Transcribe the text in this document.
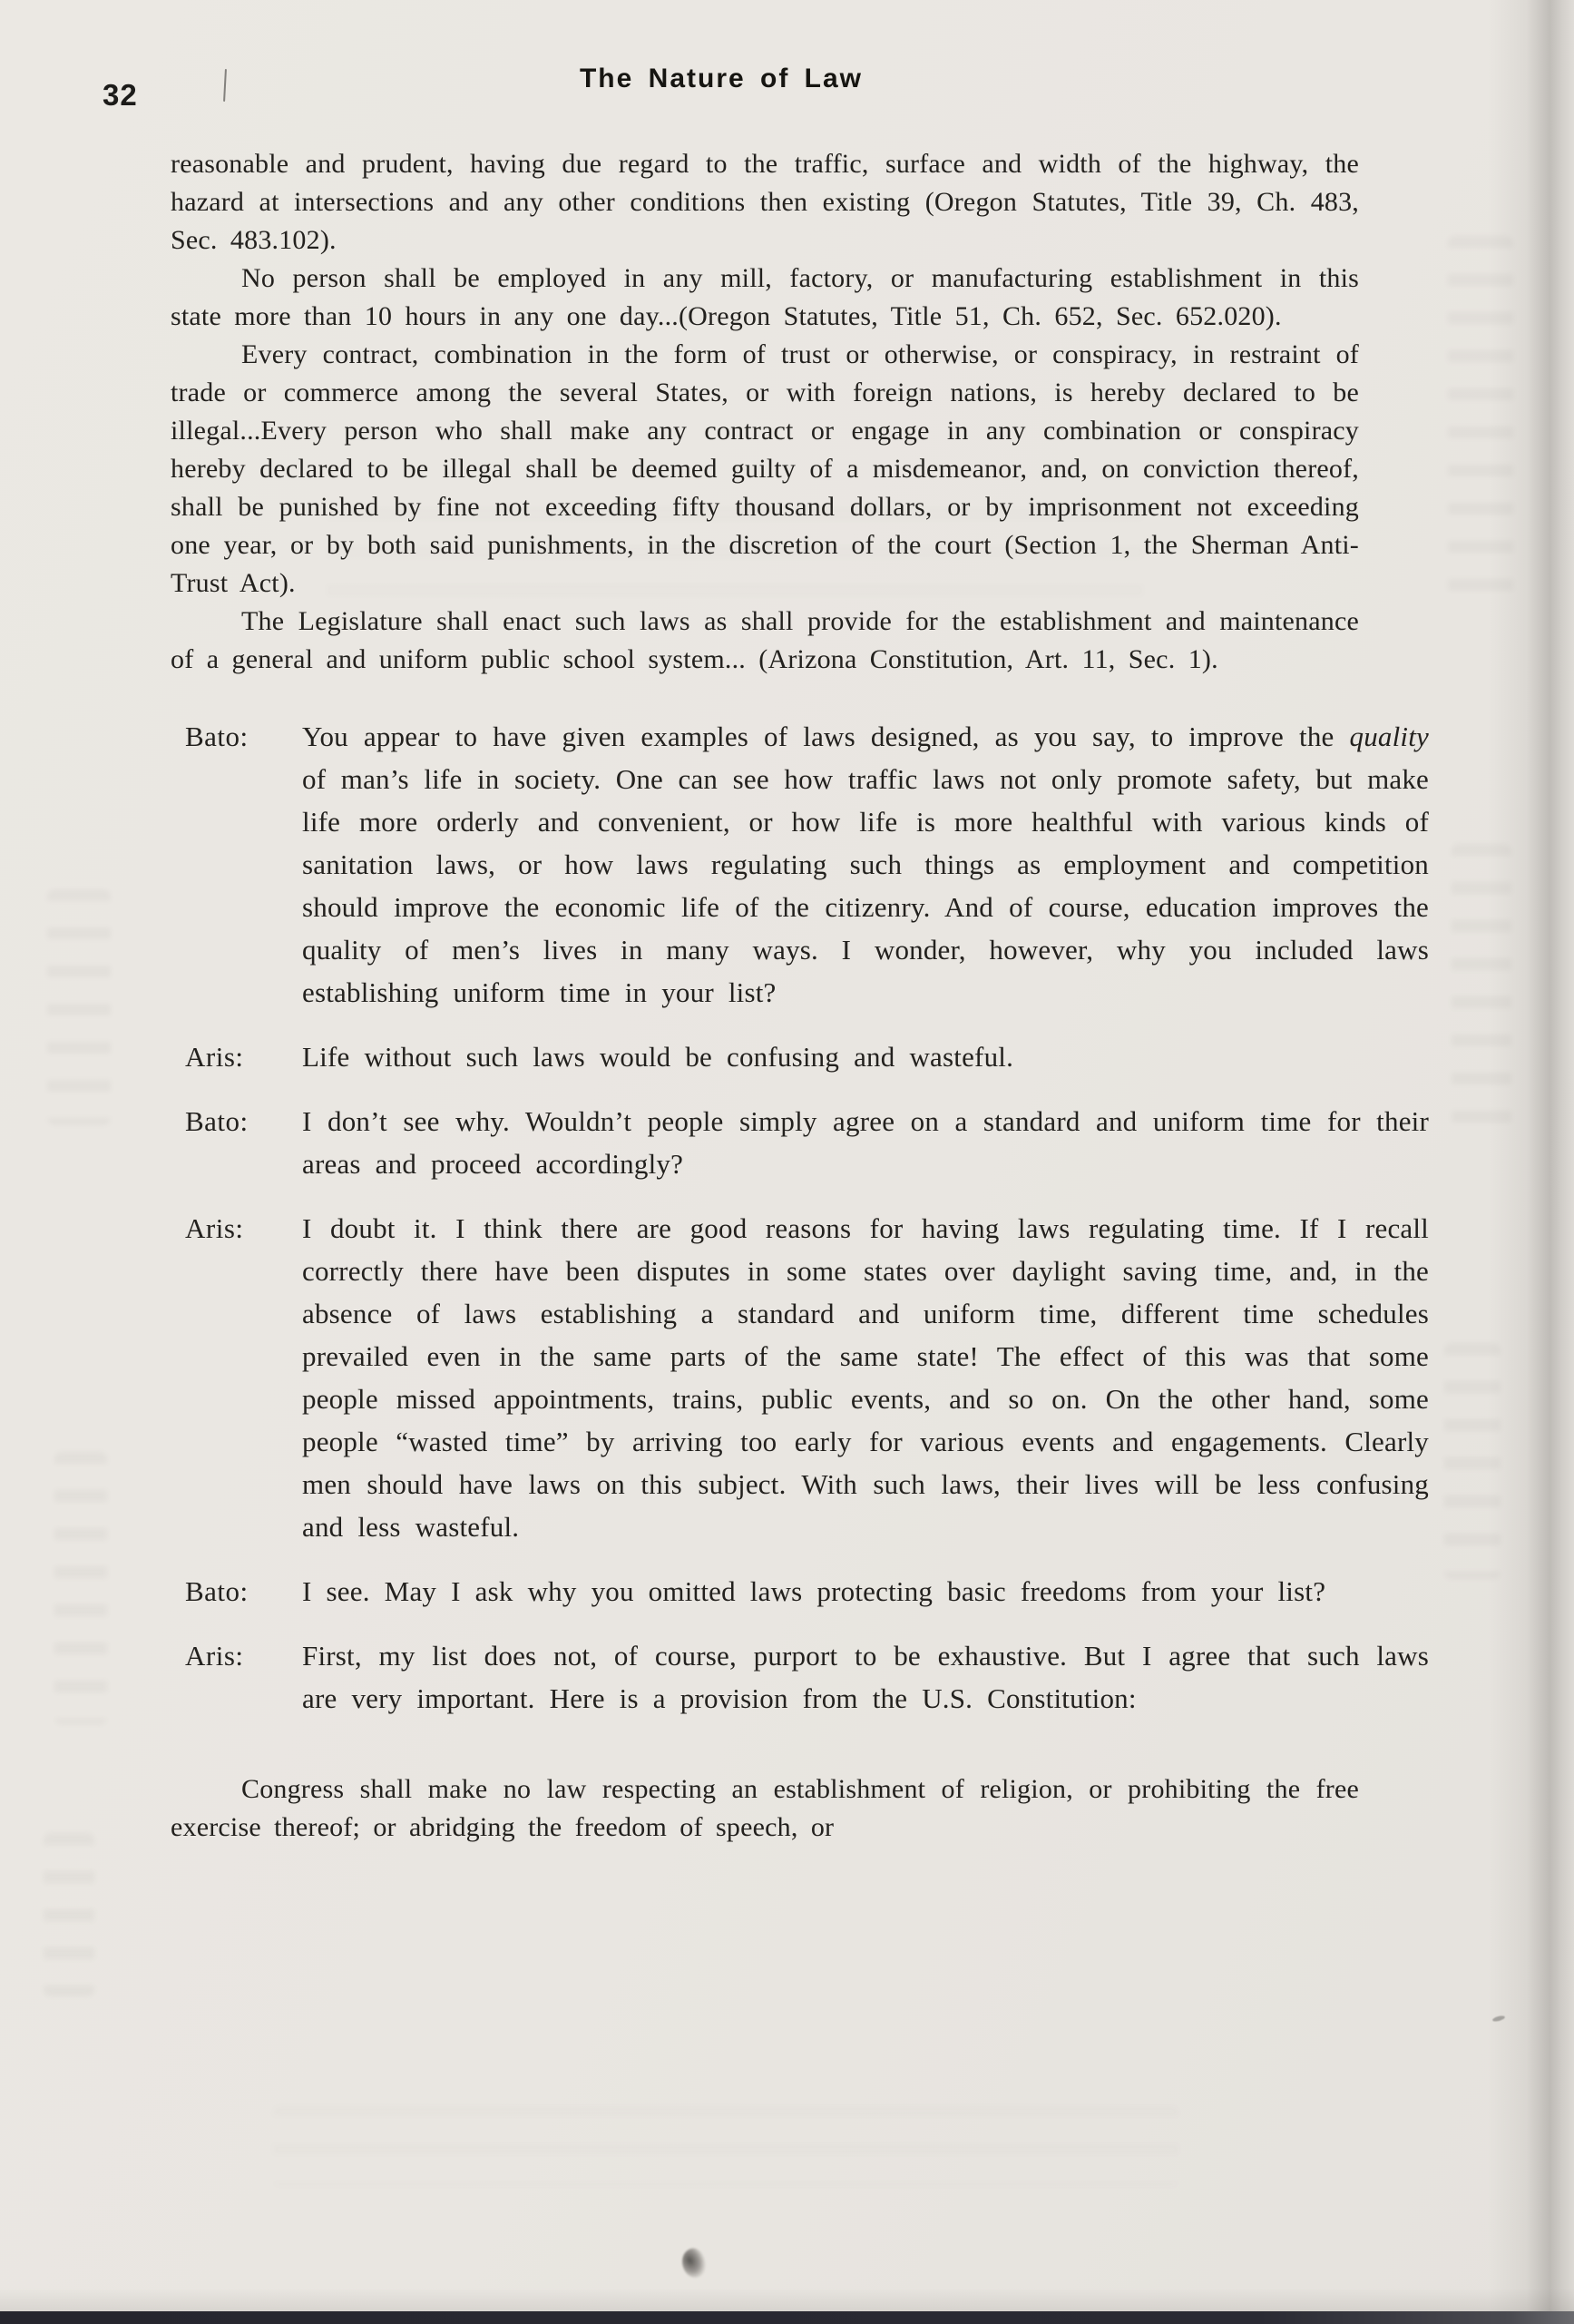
32	The Nature of Law

reasonable and prudent, having due regard to the traffic, surface and width of the highway, the hazard at intersections and any other conditions then existing (Oregon Statutes, Title 39, Ch. 483, Sec. 483.102).

No person shall be employed in any mill, factory, or manufacturing establishment in this state more than 10 hours in any one day...(Oregon Statutes, Title 51, Ch. 652, Sec. 652.020).

Every contract, combination in the form of trust or otherwise, or conspiracy, in restraint of trade or commerce among the several States, or with foreign nations, is hereby declared to be illegal...Every person who shall make any contract or engage in any combination or conspiracy hereby declared to be illegal shall be deemed guilty of a misdemeanor, and, on conviction thereof, shall be punished by fine not exceeding fifty thousand dollars, or by imprisonment not exceeding one year, or by both said punishments, in the discretion of the court (Section 1, the Sherman Anti-Trust Act).

The Legislature shall enact such laws as shall provide for the establishment and maintenance of a general and uniform public school system... (Arizona Constitution, Art. 11, Sec. 1).

Bato:	You appear to have given examples of laws designed, as you say, to improve the quality of man’s life in society. One can see how traffic laws not only promote safety, but make life more orderly and convenient, or how life is more healthful with various kinds of sanitation laws, or how laws regulating such things as employment and competition should improve the economic life of the citizenry. And of course, education improves the quality of men’s lives in many ways. I wonder, however, why you included laws establishing uniform time in your list?
Aris:	Life without such laws would be confusing and wasteful.
Bato:	I don’t see why. Wouldn’t people simply agree on a standard and uniform time for their areas and proceed accordingly?
Aris:	I doubt it. I think there are good reasons for having laws regulating time. If I recall correctly there have been disputes in some states over daylight saving time, and, in the absence of laws establishing a standard and uniform time, different time schedules prevailed even in the same parts of the same state! The effect of this was that some people missed appointments, trains, public events, and so on. On the other hand, some people “wasted time” by arriving too early for various events and engagements. Clearly men should have laws on this subject. With such laws, their lives will be less confusing and less wasteful.
Bato:	I see. May I ask why you omitted laws protecting basic freedoms from your list?
Aris:	First, my list does not, of course, purport to be exhaustive. But I agree that such laws are very important. Here is a provision from the U.S. Constitution:

Congress shall make no law respecting an establishment of religion, or prohibiting the free exercise thereof; or abridging the freedom of speech, or
